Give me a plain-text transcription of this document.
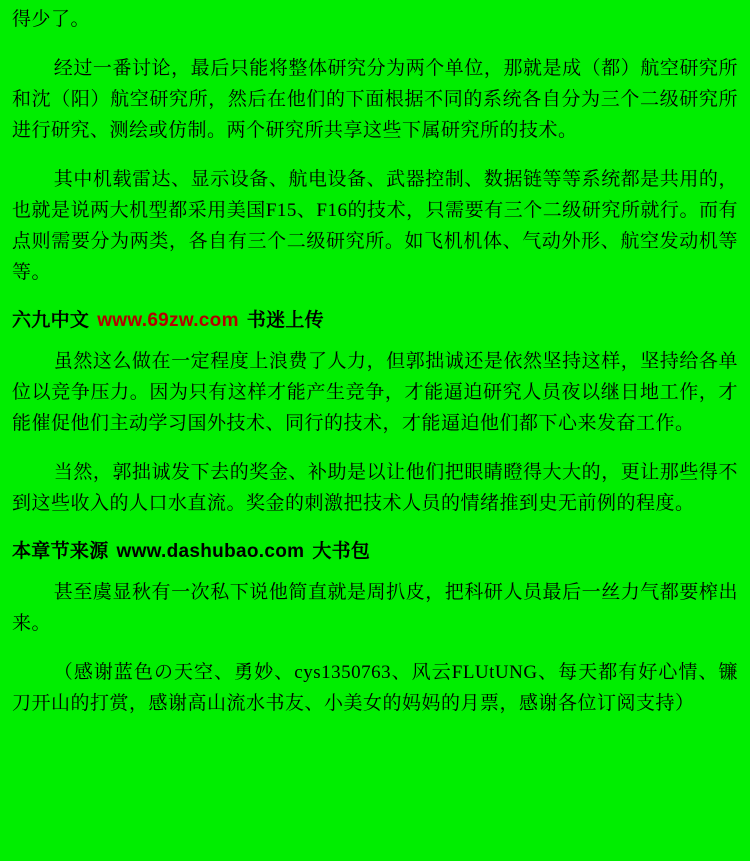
得少了。

经过一番讨论，最后只能将整体研究分为两个单位，那就是成（都）航空研究所和沈（阳）航空研究所，然后在他们的下面根据不同的系统各自分为三个二级研究所进行研究、测绘或仿制。两个研究所共享这些下属研究所的技术。

其中机载雷达、显示设备、航电设备、武器控制、数据链等等系统都是共用的，也就是说两大机型都采用美国F15、F16的技术，只需要有三个二级研究所就行。而有点则需要分为两类，各自有三个二级研究所。如飞机机体、气动外形、航空发动机等等。

六九中文 www.69zw.com 书迷上传

虽然这么做在一定程度上浪费了人力，但郭拙诚还是依然坚持这样，坚持给各单位以竞争压力。因为只有这样才能产生竞争，才能逼迫研究人员夜以继日地工作，才能催促他们主动学习国外技术、同行的技术，才能逼迫他们都下心来发奋工作。

当然，郭拙诚发下去的奖金、补助是以让他们把眼睛瞪得大大的，更让那些得不到这些收入的人口水直流。奖金的刺激把技术人员的情绪推到史无前例的程度。

本章节来源 www.dashubao.com 大书包

甚至虞显秋有一次私下说他简直就是周扒皮，把科研人员最后一丝力气都要榨出来。

（感谢蓝色の天空、勇妙、cys1350763、风云FLUtUNG、每天都有好心情、镰刀开山的打赏，感谢高山流水书友、小美女的妈妈的月票，感谢各位订阅支持）
